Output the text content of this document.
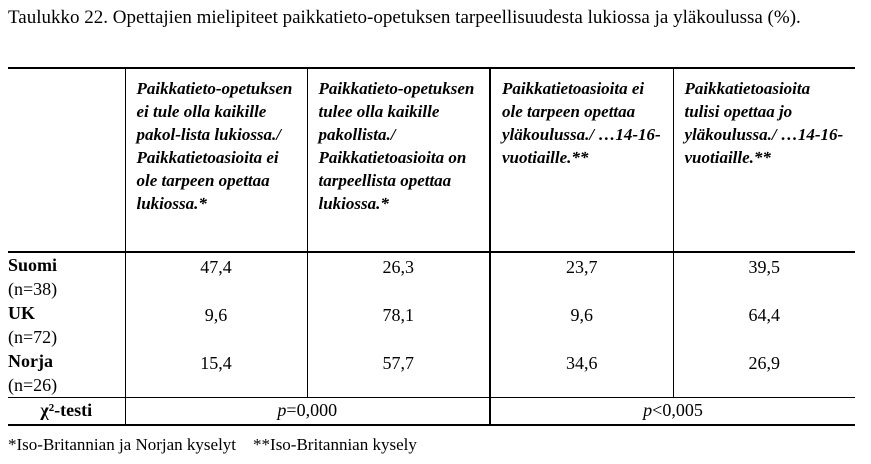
Taulukko 22. Opettajien mielipiteet paikkatieto-opetuksen tarpeellisuudesta lukiossa ja yläkoulussa (%).
	Paikkatieto-opetuksen ei tule olla kaikille pakol-lista lukiossa./ Paikkatietoasioita ei ole tarpeen opettaa lukiossa.*	Paikkatieto-opetuksen tulee olla kaikille pakollista./ Paikkatietoasioita on tarpeellista opettaa lukiossa.*	Paikkatietoasioita ei ole tarpeen opettaa yläkoulussa./ …14-16-vuotiaille.**	Paikkatietoasioita tulisi opettaa jo yläkoulussa./ …14-16-vuotiaille.**

Suomi
(n=38)	47,4	26,3	23,7	39,5

UK
(n=72)	9,6	78,1	9,6	64,4

Norja
(n=26)	15,4	57,7	34,6	26,9
χ²-testi	p=0,000		p<0,005	
*Iso-Britannian ja Norjan kyselyt    **Iso-Britannian kysely
